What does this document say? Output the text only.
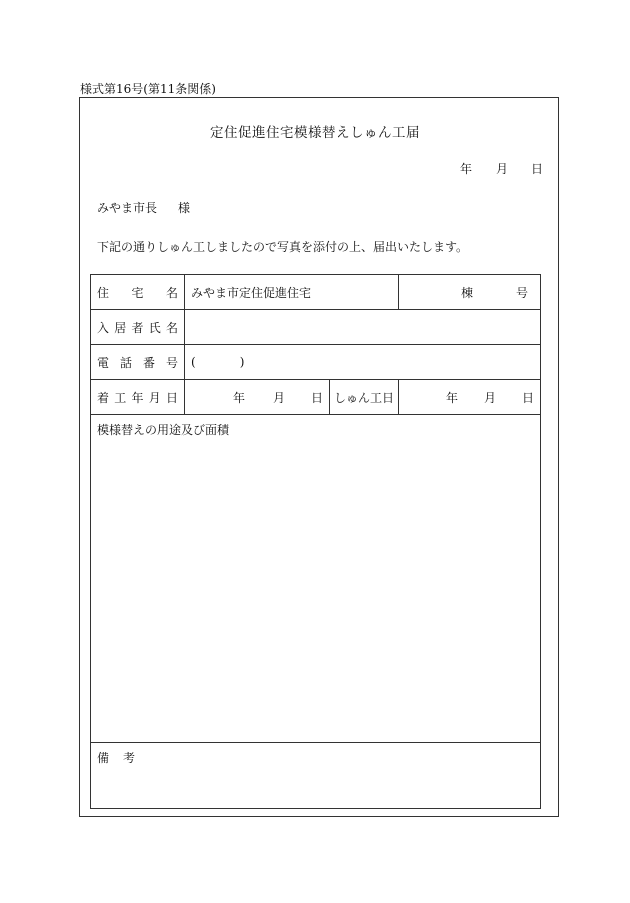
様式第16号(第11条関係)
定住促進住宅模様替えしゅん工届
年 月 日
みやま市長 様
下記の通りしゅん工しましたので写真を添付の上、届出いたします。
住 宅 名	みやま市定住促進住宅		棟 号

入 居 者 氏 名			

電 話 番 号	( )		

着 工 年 月 日	年 月 日	しゅん工日	年 月 日

模様替えの用途及び面積			
備 考			
